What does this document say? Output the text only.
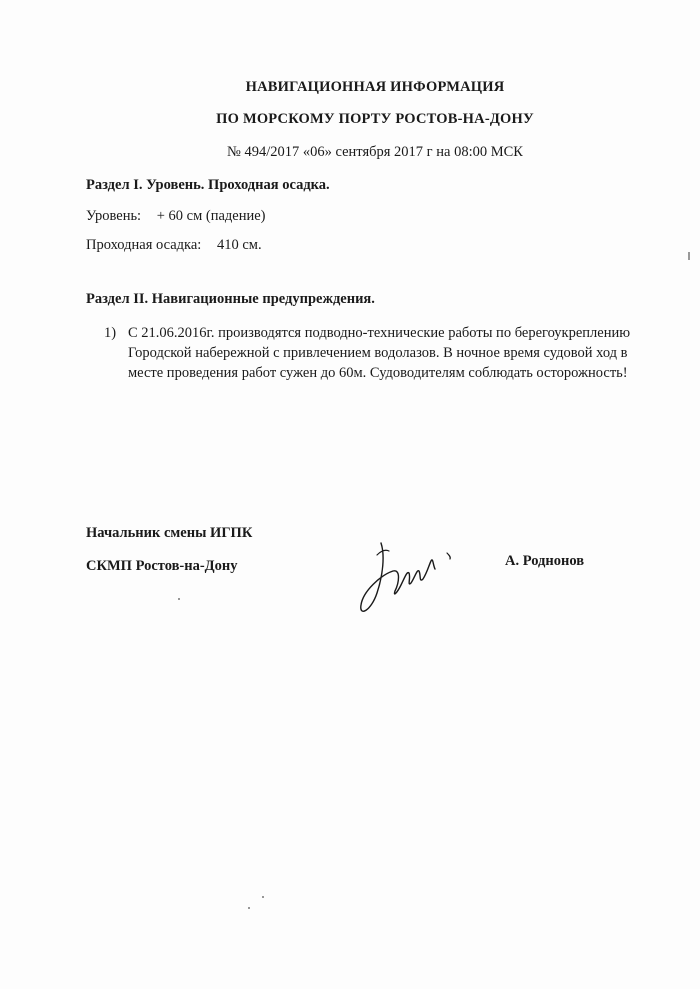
НАВИГАЦИОННАЯ ИНФОРМАЦИЯ
ПО МОРСКОМУ ПОРТУ РОСТОВ-НА-ДОНУ
№ 494/2017 «06» сентября 2017 г на 08:00 МСК
Раздел I. Уровень. Проходная осадка.
Уровень: + 60 см (падение)
Проходная осадка: 410 см.
Раздел II. Навигационные предупреждения.
1) С 21.06.2016г. производятся подводно-технические работы по берегоукреплению Городской набережной с привлечением водолазов. В ночное время судовой ход в месте проведения работ сужен до 60м. Судоводителям соблюдать осторожность!
Начальник смены ИГПК
СКМП Ростов-на-Дону	А. Роднонов
